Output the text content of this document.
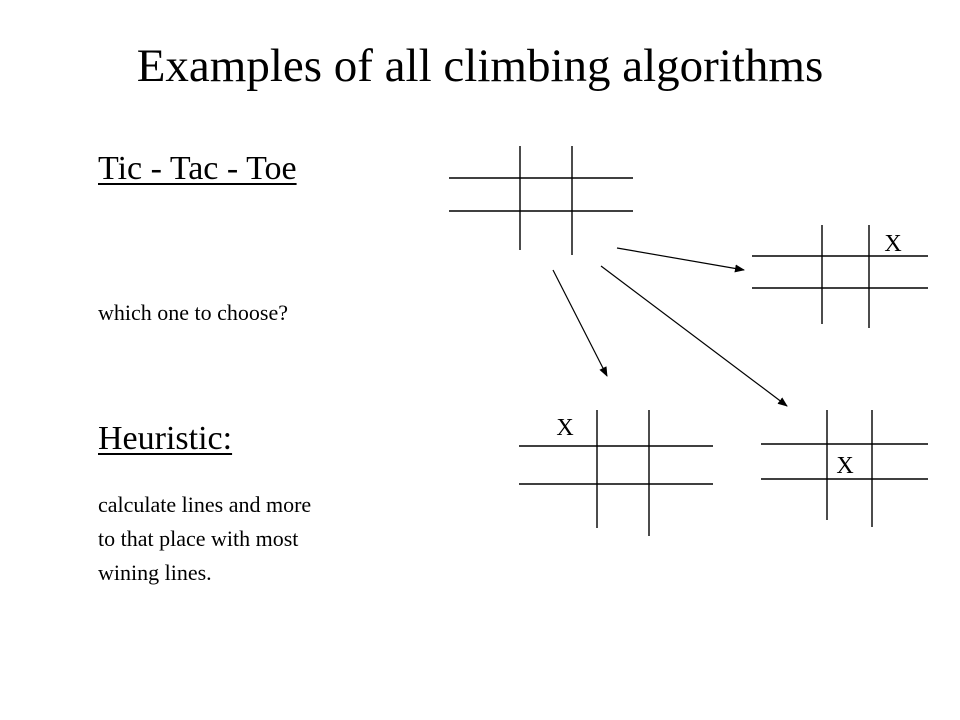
Examples of all climbing algorithms
Tic - Tac - Toe
which one to choose?
Heuristic:
calculate lines and more
to that place with most
wining lines.
X
X
X
